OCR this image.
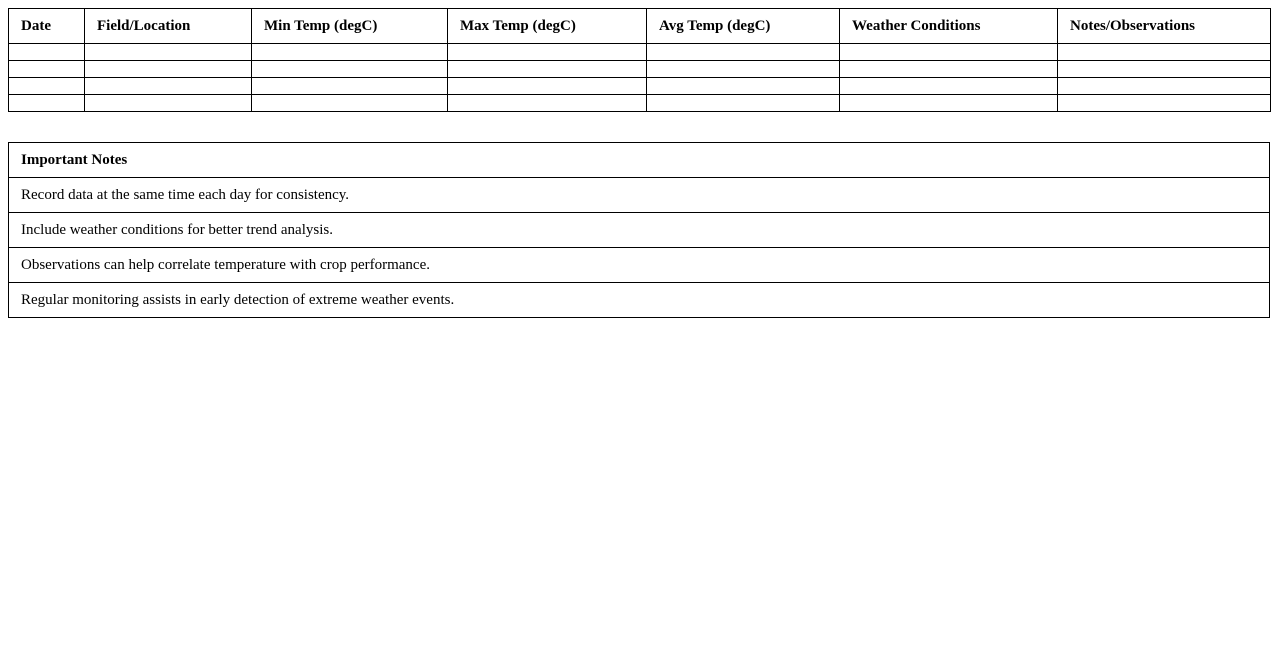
Date	Field/Location	Min Temp (degC)	Max Temp (degC)	Avg Temp (degC)	Weather Conditions	Notes/Observations

Important Notes
Record data at the same time each day for consistency.
Include weather conditions for better trend analysis.
Observations can help correlate temperature with crop performance.
Regular monitoring assists in early detection of extreme weather events.
